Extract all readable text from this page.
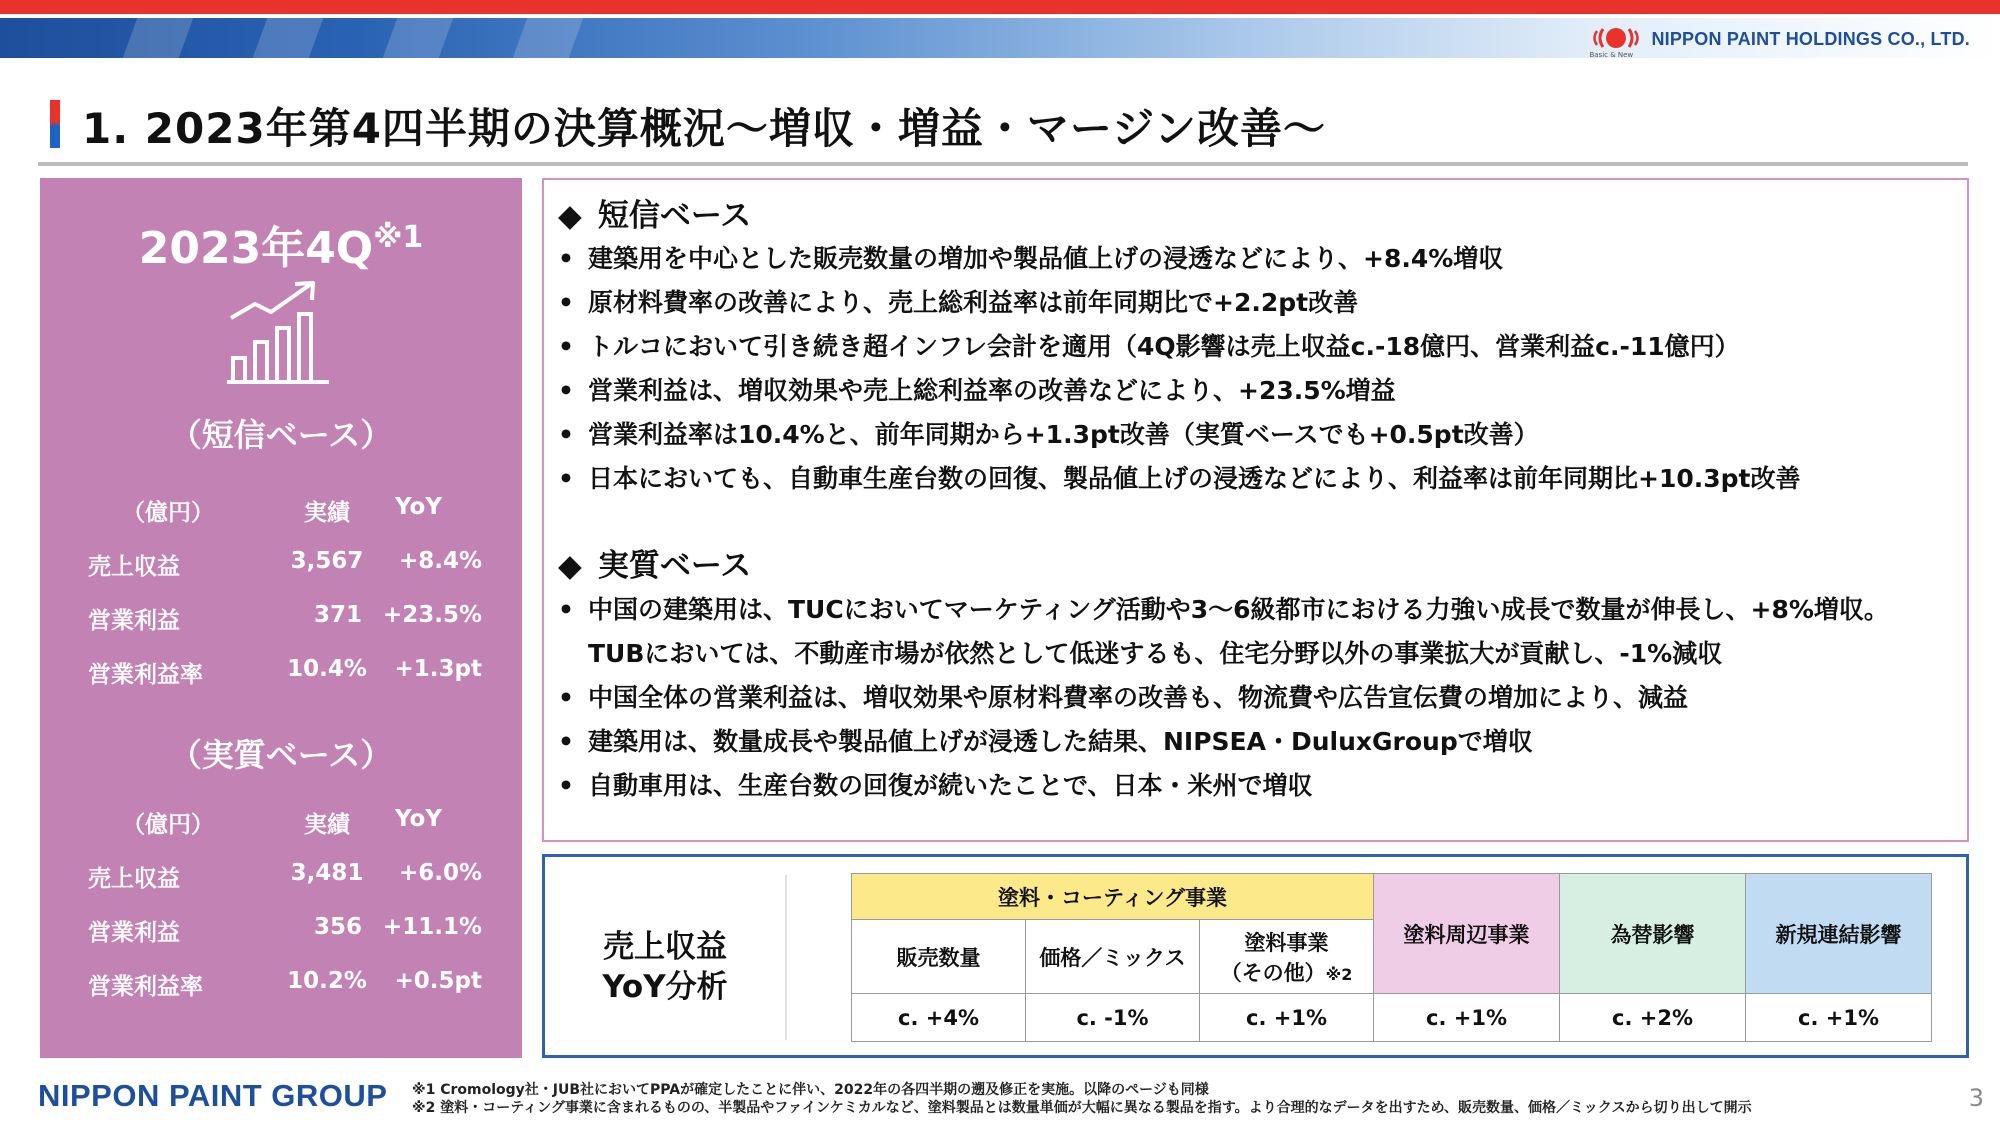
Basic & New
NIPPON PAINT HOLDINGS CO., LTD.
1. 2023年第4四半期の決算概況～増収・増益・マージン改善～
2023年$4Q^{※1}$
（短信ベース）
（億円）	実績	YoY
売上収益	3,567	+8.4%
営業利益	371 +23.5%
営業利益率	10.4%	+1.3pt
（実質ベース）
（億円）	実績	YoY
売上収益	3,481	+6.0%
営業利益	356 +11.1%
営業利益率	10.2%	+0.5pt
◆ 短信ベース
• 建築用を中心とした販売数量の増加や製品値上げの浸透などにより、+8.4%増収
• 原材料費率の改善により、売上総利益率は前年同期比で+2.2pt改善
• トルコにおいて引き続き超インフレ会計を適用（4Q影響は売上収益c.-18億円、営業利益c.-11億円）
• 営業利益は、増収効果や売上総利益率の改善などにより、+23.5%増益
• 営業利益率は10.4%と、前年同期から+1.3pt改善（実質ベースでも+0.5pt改善）
• 日本においても、自動車生産台数の回復、製品値上げの浸透などにより、利益率は前年同期比+10.3pt改善
◆ 実質ベース
• 中国の建築用は、TUCにおいてマーケティング活動や3～6級都市における力強い成長で数量が伸長し、+8%増収。
TUBにおいては、不動産市場が依然として低迷するも、住宅分野以外の事業拡大が貢献し、-1%減収
• 中国全体の営業利益は、増収効果や原材料費率の改善も、物流費や広告宣伝費の増加により、減益
• 建築用は、数量成長や製品値上げが浸透した結果、NIPSEA・DuluxGroupで増収
• 自動車用は、生産台数の回復が続いたことで、日本・米州で増収
売上収益
YoY分析
塗料・コーティング事業			塗料周辺事業	為替影響	新規連結影響
販売数量	価格／ミックス	塗料事業
（その他）※2			

c. +4%	c. -1%	c. +1%	c. +1%	c. +2%	c. +1%
NIPPON PAINT GROUP ※1 Cromology社・JUB社においてPPAが確定したことに伴い、2022年の各四半期の遡及修正を実施。以降のページも同様
※2 塗料・コーティング事業に含まれるものの、半製品やファインケミカルなど、塗料製品とは数量単価が大幅に異なる製品を指す。より合理的なデータを出すため、販売数量、価格／ミックスから切り出して開示	3
